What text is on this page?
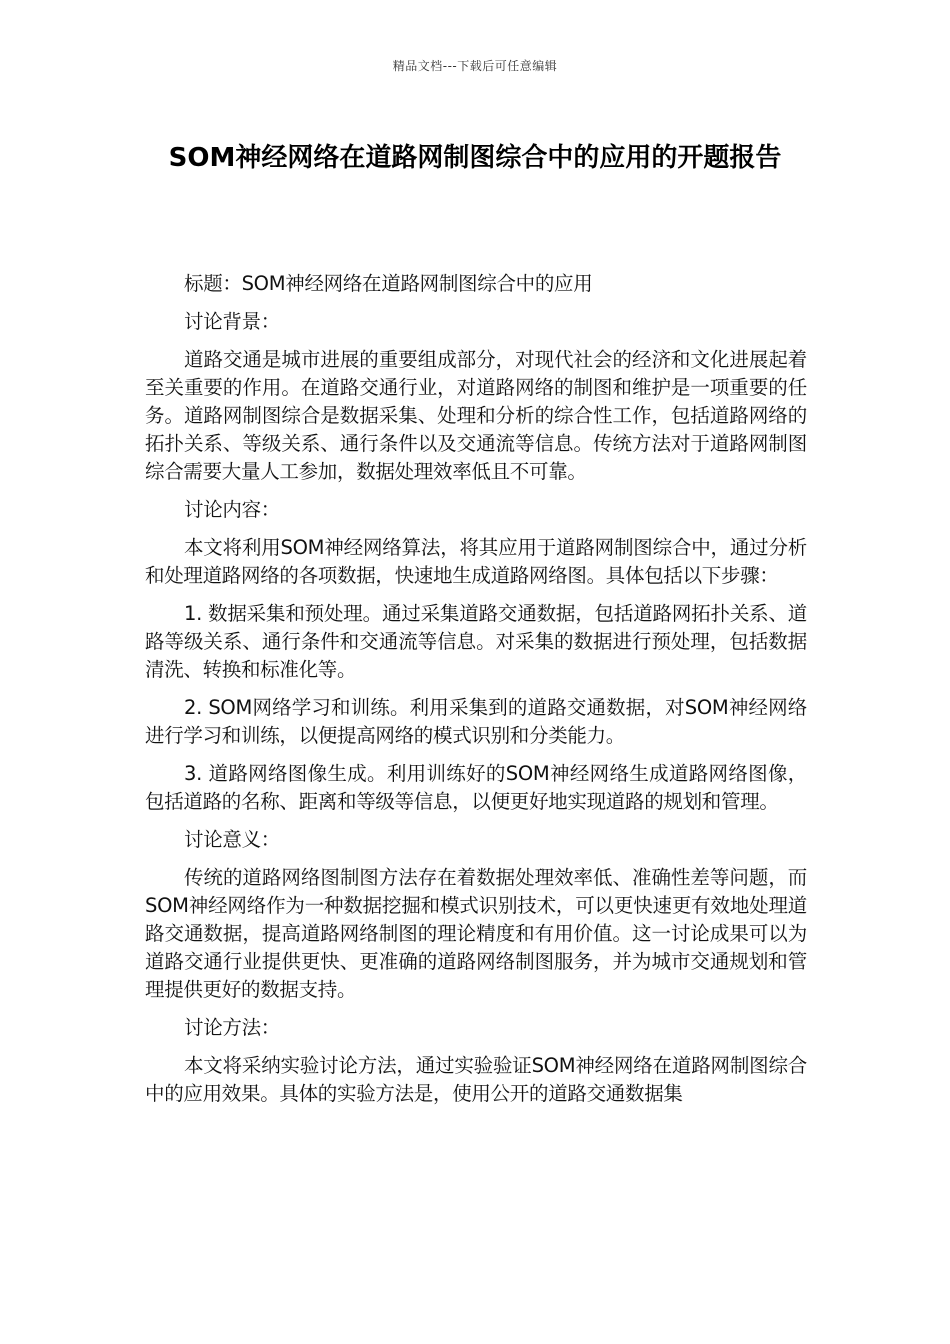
精品文档---下载后可任意编辑
SOM神经网络在道路网制图综合中的应用的开题报告

标题：SOM神经网络在道路网制图综合中的应用

讨论背景：

道路交通是城市进展的重要组成部分，对现代社会的经济和文化进展起着至关重要的作用。在道路交通行业，对道路网络的制图和维护是一项重要的任务。道路网制图综合是数据采集、处理和分析的综合性工作，包括道路网络的拓扑关系、等级关系、通行条件以及交通流等信息。传统方法对于道路网制图综合需要大量人工参加，数据处理效率低且不可靠。

讨论内容：

本文将利用SOM神经网络算法，将其应用于道路网制图综合中，通过分析和处理道路网络的各项数据，快速地生成道路网络图。具体包括以下步骤：

1. 数据采集和预处理。通过采集道路交通数据，包括道路网拓扑关系、道路等级关系、通行条件和交通流等信息。对采集的数据进行预处理，包括数据清洗、转换和标准化等。

2. SOM网络学习和训练。利用采集到的道路交通数据，对SOM神经网络进行学习和训练，以便提高网络的模式识别和分类能力。

3. 道路网络图像生成。利用训练好的SOM神经网络生成道路网络图像，包括道路的名称、距离和等级等信息，以便更好地实现道路的规划和管理。

讨论意义：

传统的道路网络图制图方法存在着数据处理效率低、准确性差等问题，而SOM神经网络作为一种数据挖掘和模式识别技术，可以更快速更有效地处理道路交通数据，提高道路网络制图的理论精度和有用价值。这一讨论成果可以为道路交通行业提供更快、更准确的道路网络制图服务，并为城市交通规划和管理提供更好的数据支持。

讨论方法：

本文将采纳实验讨论方法，通过实验验证SOM神经网络在道路网制图综合中的应用效果。具体的实验方法是，使用公开的道路交通数据集
